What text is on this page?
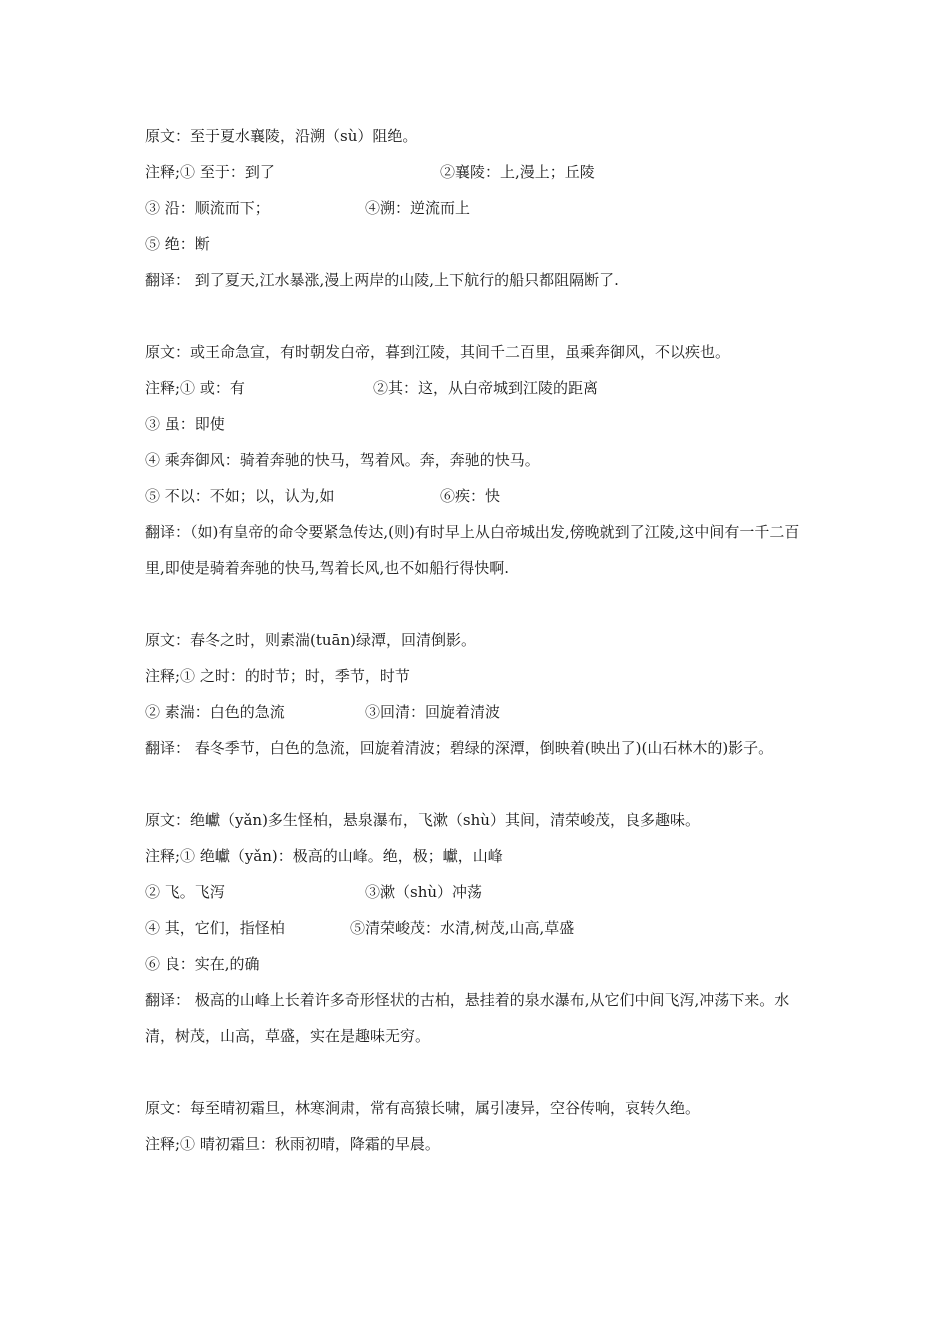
原文：至于夏水襄陵，沿溯（sù）阻绝。
注释;① 至于：到了	②襄陵：上,漫上；丘陵
③ 沿：顺流而下；	④溯：逆流而上
⑤ 绝：断
翻译： 到了夏天,江水暴涨,漫上两岸的山陵,上下航行的船只都阻隔断了.
原文：或王命急宣，有时朝发白帝，暮到江陵，其间千二百里，虽乘奔御风，不以疾也。
注释;① 或：有	②其：这，从白帝城到江陵的距离
③ 虽：即使
④ 乘奔御风：骑着奔驰的快马，驾着风。奔，奔驰的快马。
⑤ 不以：不如；以，认为,如	⑥疾：快
翻译：（如)有皇帝的命令要紧急传达,(则)有时早上从白帝城出发,傍晚就到了江陵,这中间有一千二百里,即使是骑着奔驰的快马,驾着长风,也不如船行得快啊.
原文：春冬之时，则素湍(tuān)绿潭，回清倒影。
注释;① 之时：的时节；时，季节，时节
② 素湍：白色的急流	③回清：回旋着清波
翻译： 春冬季节，白色的急流，回旋着清波；碧绿的深潭，倒映着(映出了)(山石林木的)影子。
原文：绝巘（yǎn)多生怪柏，悬泉瀑布，飞漱（shù）其间，清荣峻茂，良多趣味。
注释;① 绝巘（yǎn)：极高的山峰。绝，极；巘，山峰
② 飞。飞泻	③漱（shù）冲荡
④ 其，它们，指怪柏	⑤清荣峻茂：水清,树茂,山高,草盛
⑥ 良：实在,的确
翻译： 极高的山峰上长着许多奇形怪状的古柏，悬挂着的泉水瀑布,从它们中间飞泻,冲荡下来。水清，树茂，山高，草盛，实在是趣味无穷。
原文：每至晴初霜旦，林寒涧肃，常有高猿长啸，属引凄异，空谷传响，哀转久绝。
注释;① 晴初霜旦：秋雨初晴，降霜的早晨。
